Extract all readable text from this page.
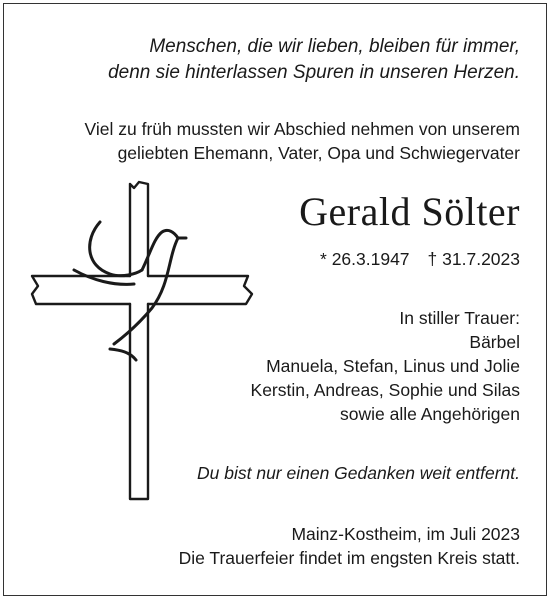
Menschen, die wir lieben, bleiben für immer,
denn sie hinterlassen Spuren in unseren Herzen.
Viel zu früh mussten wir Abschied nehmen von unserem
geliebten Ehemann, Vater, Opa und Schwiegervater
Gerald Sölter
* 26.3.1947 † 31.7.2023
In stiller Trauer:
Bärbel
Manuela, Stefan, Linus und Jolie
Kerstin, Andreas, Sophie und Silas
sowie alle Angehörigen
Du bist nur einen Gedanken weit entfernt.
Mainz-Kostheim, im Juli 2023
Die Trauerfeier findet im engsten Kreis statt.
